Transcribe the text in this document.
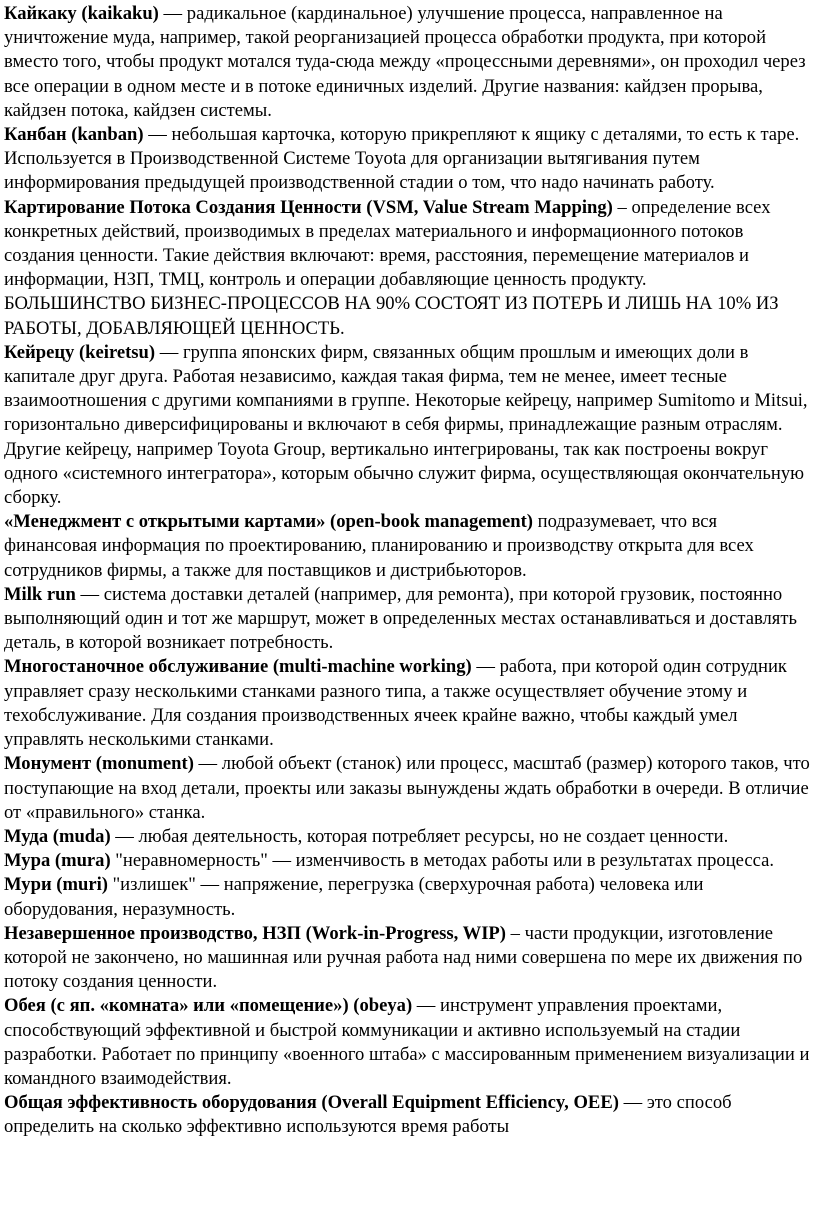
Кайкаку (kaikaku) — радикальное (кардинальное) улучшение процесса, направленное на уничтожение муда, например, такой реорганизацией процесса обработки продукта, при которой вместо того, чтобы продукт мотался туда-сюда между «процессными деревнями», он проходил через все операции в одном месте и в потоке единичных изделий. Другие названия: кайдзен прорыва, кайдзен потока, кайдзен системы.

Канбан (kanban) — небольшая карточка, которую прикрепляют к ящику с деталями, то есть к таре. Используется в Производственной Системе Toyota для организации вытягивания путем информирования предыдущей производственной стадии о том, что надо начинать работу.

Картирование Потока Создания Ценности (VSM, Value Stream Mapping) – определение всех конкретных действий, производимых в пределах материального и информационного потоков создания ценности. Такие действия включают: время, расстояния, перемещение материалов и информации, НЗП, ТМЦ, контроль и операции добавляющие ценность продукту.

БОЛЬШИНСТВО БИЗНЕС-ПРОЦЕССОВ НА 90% СОСТОЯТ ИЗ ПОТЕРЬ И ЛИШЬ НА 10% ИЗ РАБОТЫ, ДОБАВЛЯЮЩЕЙ ЦЕННОСТЬ.

Кейрецу (keiretsu) — группа японских фирм, связанных общим прошлым и имеющих доли в капитале друг друга. Работая независимо, каждая такая фирма, тем не менее, имеет тесные взаимоотношения с другими компаниями в группе. Некоторые кейрецу, например Sumitomo и Mitsui, горизонтально диверсифицированы и включают в себя фирмы, принадлежащие разным отраслям. Другие кейрецу, например Toyota Group, вертикально интегрированы, так как построены вокруг одного «системного интегратора», которым обычно служит фирма, осуществляющая окончательную сборку.

«Менеджмент с открытыми картами» (open-book management) подразумевает, что вся финансовая информация по проектированию, планированию и производству открыта для всех сотрудников фирмы, а также для поставщиков и дистрибьюторов.

Milk run — система доставки деталей (например, для ремонта), при которой грузовик, постоянно выполняющий один и тот же маршрут, может в определенных местах останавливаться и доставлять деталь, в которой возникает потребность.

Многостаночное обслуживание (multi-machine working) — работа, при которой один сотрудник управляет сразу несколькими станками разного типа, а также осуществляет обучение этому и техобслуживание. Для создания производственных ячеек крайне важно, чтобы каждый умел управлять несколькими станками.

Монумент (monument) — любой объект (станок) или процесс, масштаб (размер) которого таков, что поступающие на вход детали, проекты или заказы вынуждены ждать обработки в очереди. В отличие от «правильного» станка.

Муда (muda) — любая деятельность, которая потребляет ресурсы, но не создает ценности.

Мура (mura) "неравномерность" — изменчивость в методах работы или в результатах процесса.

Мури (muri) "излишек" — напряжение, перегрузка (сверхурочная работа) человека или оборудования, неразумность.

Незавершенное производство, НЗП (Work-in-Progress, WIP) – части продукции, изготовление которой не закончено, но машинная или ручная работа над ними совершена по мере их движения по потоку создания ценности.

Обея (с яп. «комната» или «помещение») (obeya) — инструмент управления проектами, способствующий эффективной и быстрой коммуникации и активно используемый на стадии разработки. Работает по принципу «военного штаба» с массированным применением визуализации и командного взаимодействия.

Общая эффективность оборудования (Overall Equipment Efficiency, OEE) — это способ определить на сколько эффективно используются время работы
